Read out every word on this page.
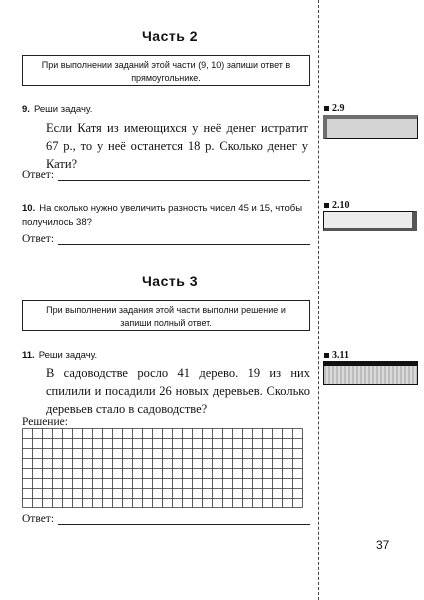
Часть 2
При выполнении заданий этой части (9, 10) запиши ответ в прямоугольнике.
9. Реши задачу.
Если Катя из имеющихся у неё денег истратит 67 р., то у неё останется 18 р. Сколько денег у Кати?
Ответ:
10. На сколько нужно увеличить разность чисел 45 и 15, чтобы получилось 38?
Ответ:
Часть 3
При выполнении задания этой части выполни решение и запиши полный ответ.
11. Реши задачу.
В садоводстве росло 41 дерево. 19 из них спилили и посадили 26 новых деревьев. Сколько деревьев стало в садоводстве?
Решение:
Ответ:
2.9
2.10
3.11
37
